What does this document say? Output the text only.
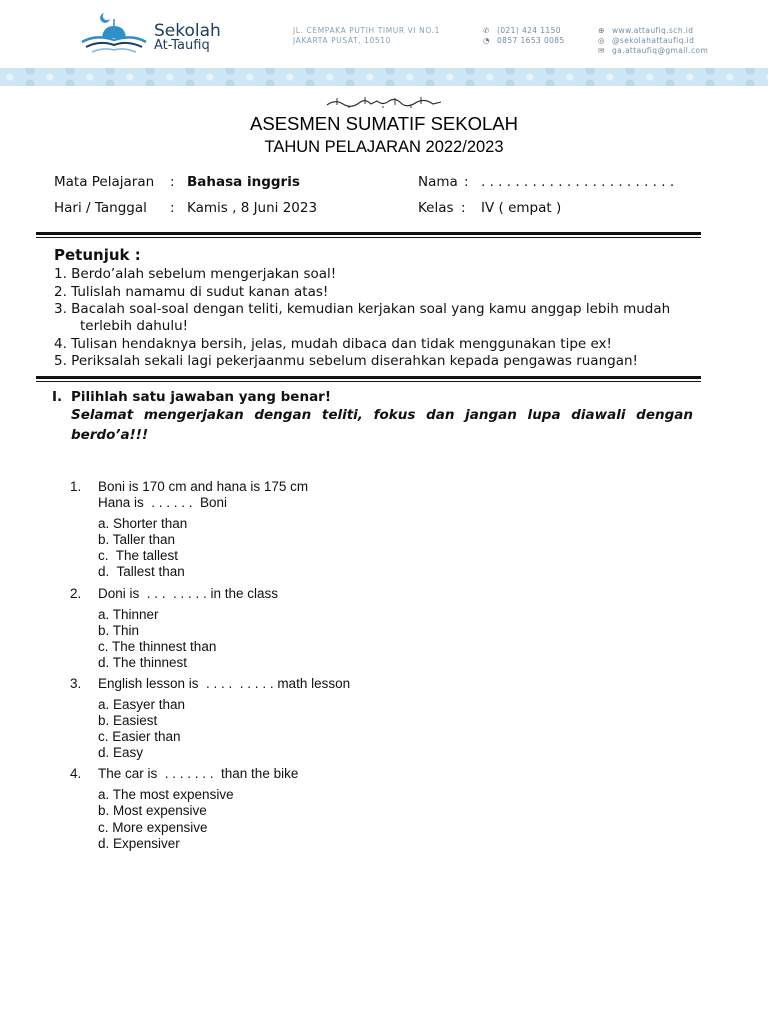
Sekolah
At-Taufiq
JL. CEMPAKA PUTIH TIMUR VI NO.1
JAKARTA PUSAT, 10510
✆ (021) 424 1150
◔ 0857 1653 0085
⊕ www.attaufiq.sch.id
◎ @sekolahattaufiq.id
✉ ga.attaufiq@gmail.com
ASESMEN SUMATIF SEKOLAH
TAHUN PELAJARAN 2022/2023
Mata Pelajaran : Bahasa inggris
Hari / Tanggal : Kamis , 8 Juni 2023
Nama : . . . . . . . . . . . . . . . . . . . . . . .
Kelas : IV ( empat )
Petunjuk :
1. Berdo’alah sebelum mengerjakan soal!
2. Tulislah namamu di sudut kanan atas!
3. Bacalah soal-soal dengan teliti, kemudian kerjakan soal yang kamu anggap lebih mudah
terlebih dahulu!
4. Tulisan hendaknya bersih, jelas, mudah dibaca dan tidak menggunakan tipe ex!
5. Periksalah sekali lagi pekerjaanmu sebelum diserahkan kepada pengawas ruangan!
I. Pilihlah satu jawaban yang benar!
Selamat mengerjakan dengan teliti, fokus dan jangan lupa diawali dengan
berdo’a!!!
1. Boni is 170 cm and hana is 175 cm
Hana is  . . . . . .  Boni
a. Shorter than
b. Taller than
c.  The tallest
d.  Tallest than
2. Doni is  . . .  . . . . . in the class
a. Thinner
b. Thin
c. The thinnest than
d. The thinnest
3. English lesson is  . . . .  . . . . . math lesson
a. Easyer than
b. Easiest
c. Easier than
d. Easy
4. The car is  . . . . . . .  than the bike
a. The most expensive
b. Most expensive
c. More expensive
d. Expensiver
